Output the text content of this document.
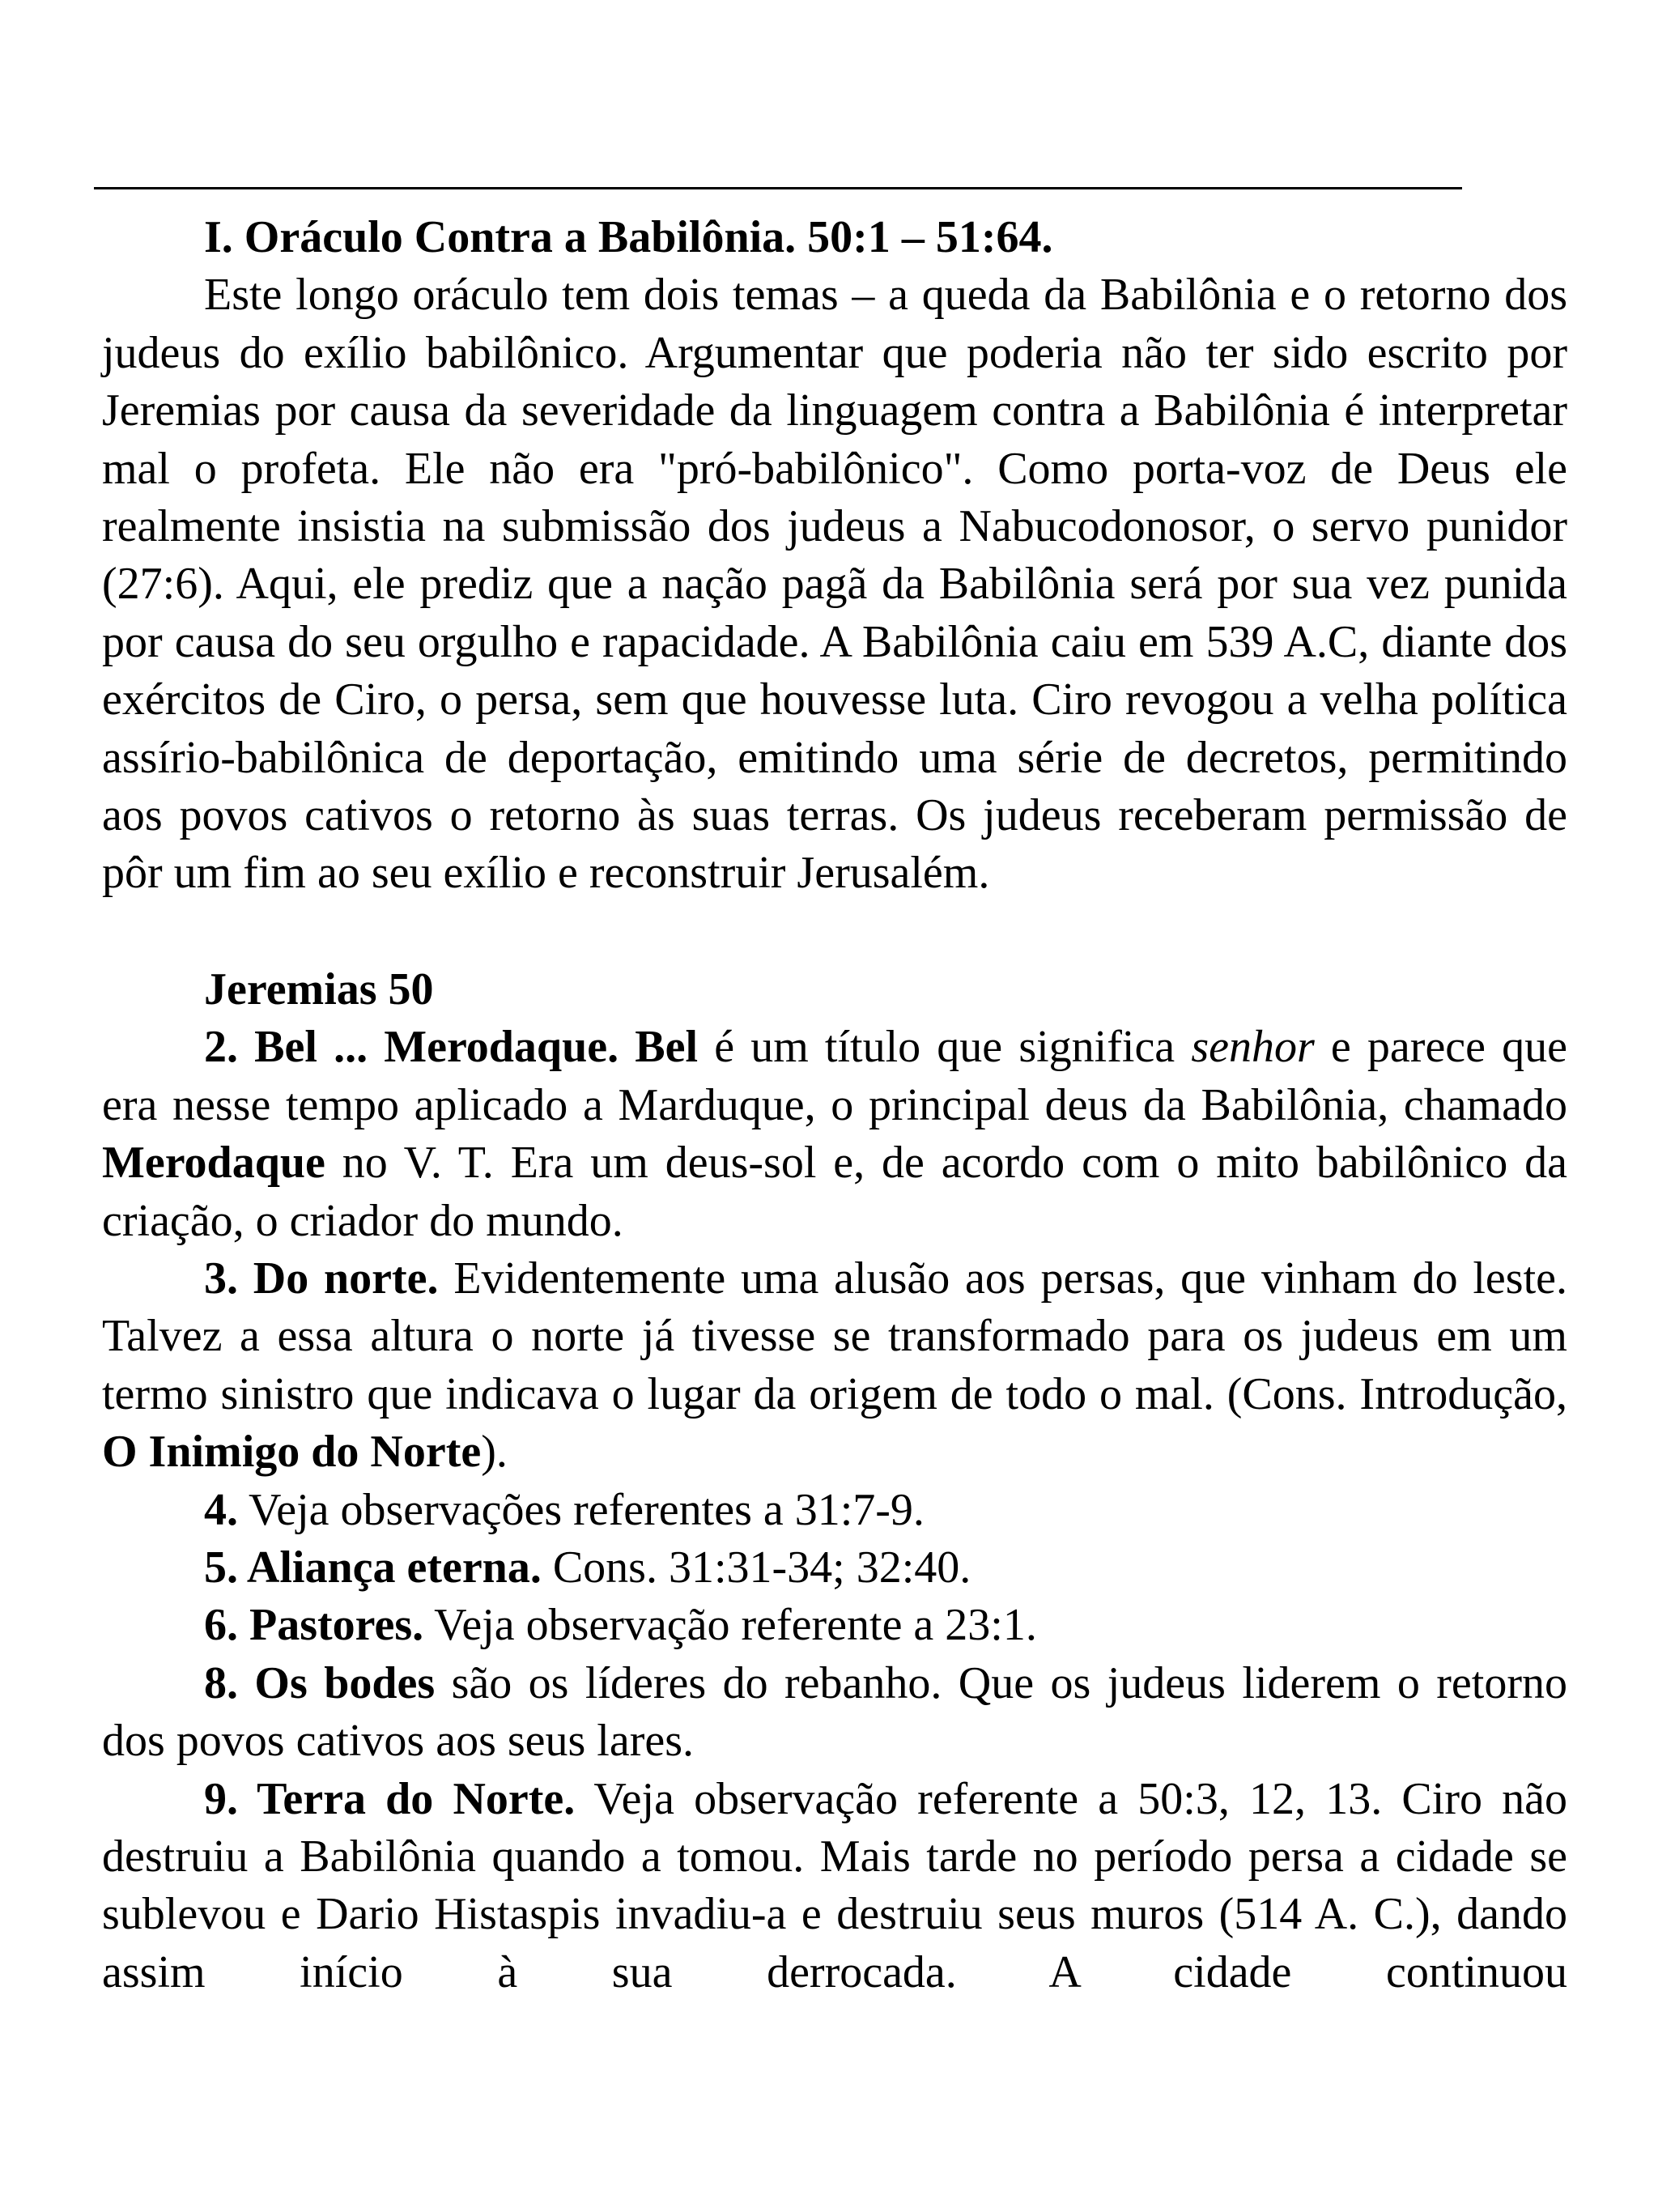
I. Oráculo Contra a Babilônia. 50:1 – 51:64.

Este longo oráculo tem dois temas – a queda da Babilônia e o retorno dos judeus do exílio babilônico. Argumentar que poderia não ter sido escrito por Jeremias por causa da severidade da linguagem contra a Babilônia é interpretar mal o profeta. Ele não era "pró-babilônico". Como porta-voz de Deus ele realmente insistia na submissão dos judeus a Nabucodonosor, o servo punidor (27:6). Aqui, ele prediz que a nação pagã da Babilônia será por sua vez punida por causa do seu orgulho e rapacidade. A Babilônia caiu em 539 A.C, diante dos exércitos de Ciro, o persa, sem que houvesse luta. Ciro revogou a velha política assírio-babilônica de deportação, emitindo uma série de decretos, permitindo aos povos cativos o retorno às suas terras. Os judeus receberam permissão de pôr um fim ao seu exílio e reconstruir Jerusalém.

Jeremias 50

2. Bel ... Merodaque. Bel é um título que significa senhor e parece que era nesse tempo aplicado a Marduque, o principal deus da Babilônia, chamado Merodaque no V. T. Era um deus-sol e, de acordo com o mito babilônico da criação, o criador do mundo.

3. Do norte. Evidentemente uma alusão aos persas, que vinham do leste. Talvez a essa altura o norte já tivesse se transformado para os judeus em um termo sinistro que indicava o lugar da origem de todo o mal. (Cons. Introdução, O Inimigo do Norte).

4. Veja observações referentes a 31:7-9.

5. Aliança eterna. Cons. 31:31-34; 32:40.

6. Pastores. Veja observação referente a 23:1.

8. Os bodes são os líderes do rebanho. Que os judeus liderem o retorno dos povos cativos aos seus lares.

9. Terra do Norte. Veja observação referente a 50:3, 12, 13. Ciro não destruiu a Babilônia quando a tomou. Mais tarde no período persa a cidade se sublevou e Dario Histaspis invadiu-a e destruiu seus muros (514 A. C.), dando assim início à sua derrocada. A cidade continuou
